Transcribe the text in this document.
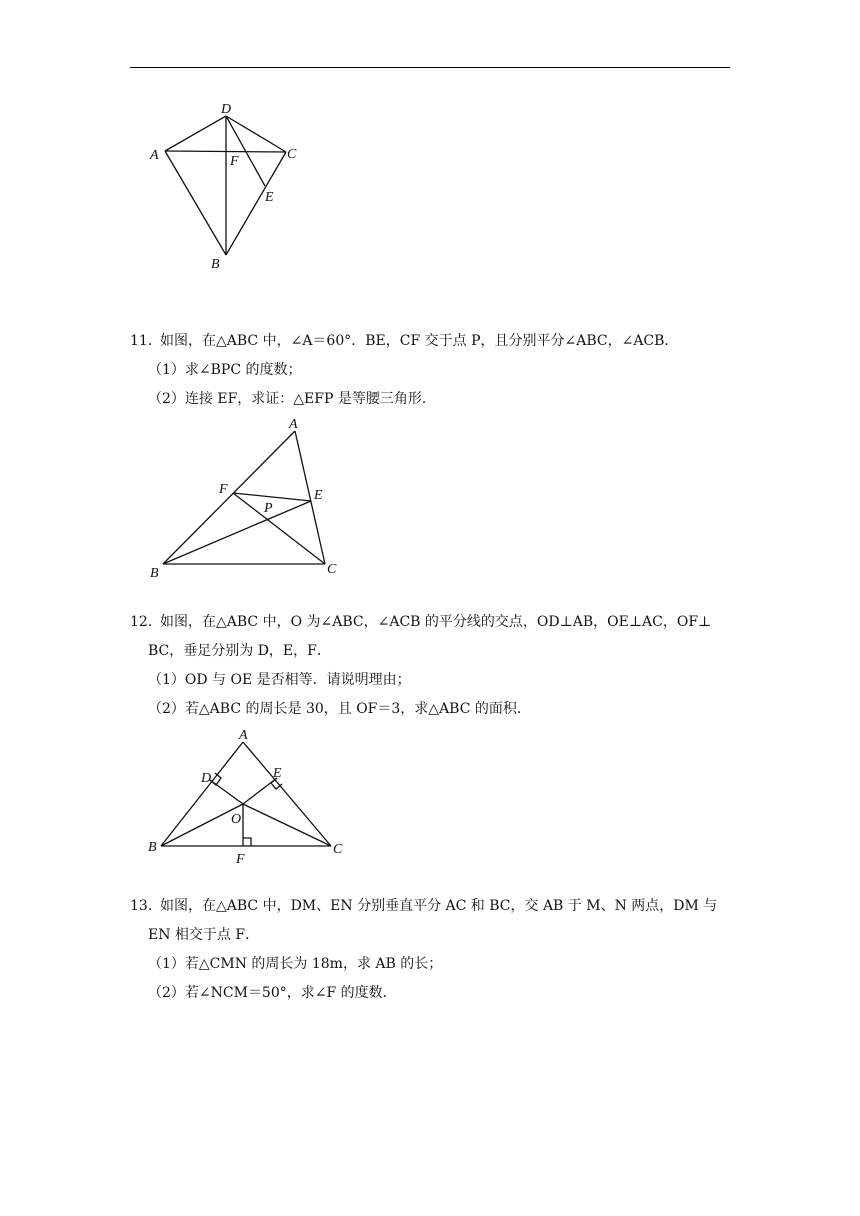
D
A	C
F
E
B
11．
如图，在△ABC 中，∠A＝60°．BE，CF 交于点 P，且分别平分∠ABC，∠ACB．
（1）求∠BPC 的度数；
（2）连接 EF，求证：△EFP 是等腰三角形．
A
F	E
P
B	C
12．
如图，在△ABC 中，O 为∠ABC，∠ACB 的平分线的交点，OD⊥AB，OE⊥AC，OF⊥
BC，垂足分别为 D，E，F．
（1）OD 与 OE 是否相等．请说明理由；
（2）若△ABC 的周长是 30，且 OF＝3，求△ABC 的面积．
A
D	E
O
B
F
C
13．
如图，在△ABC 中，DM、EN 分别垂直平分 AC 和 BC，交 AB 于 M、N 两点，DM 与
EN 相交于点 F．
（1）若△CMN 的周长为 18m，求 AB 的长；
（2）若∠NCM＝50°，求∠F 的度数．
